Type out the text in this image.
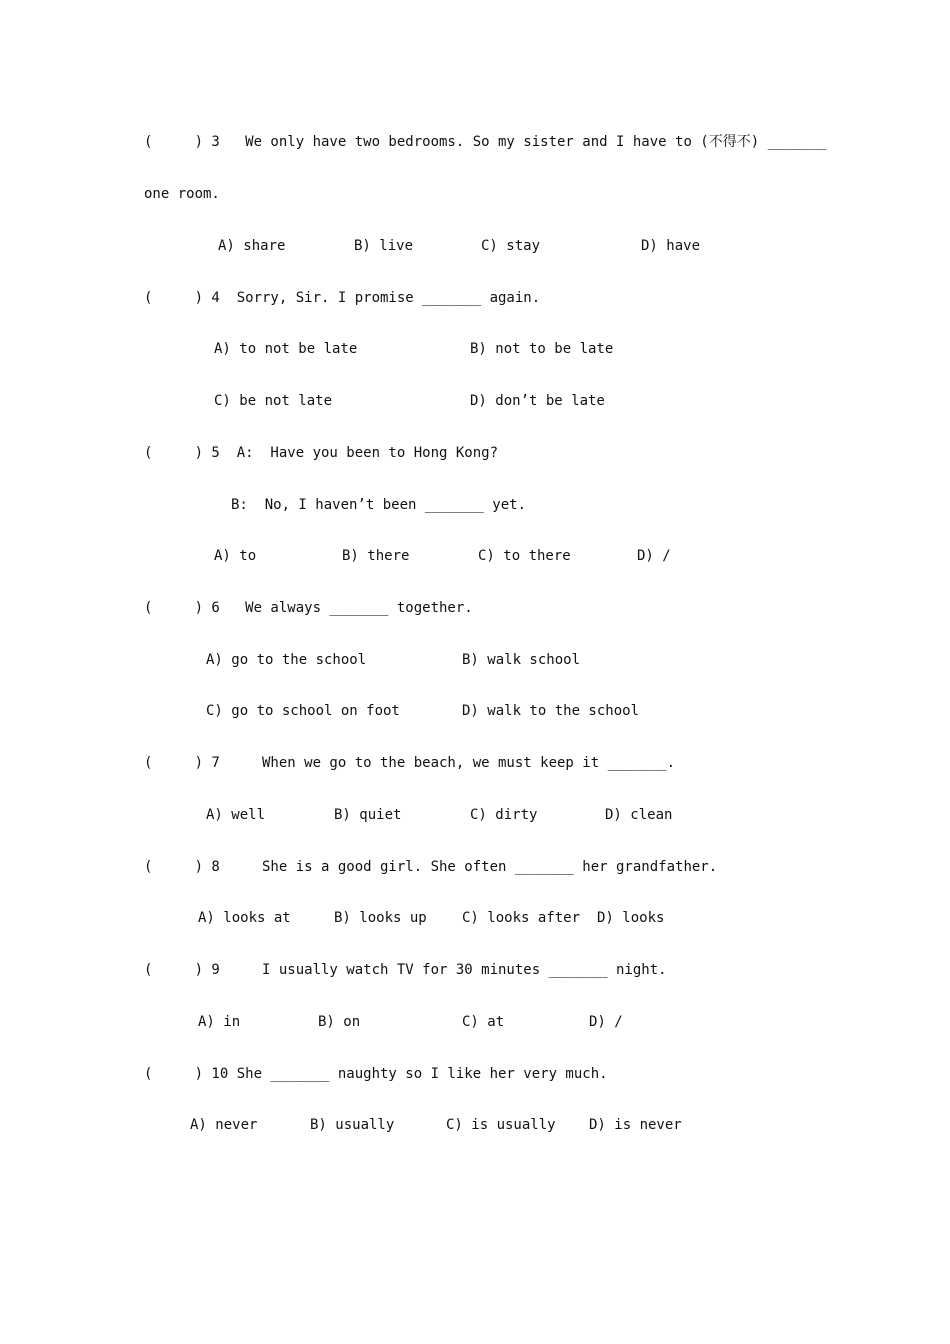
(     ) 3   We only have two bedrooms. So my sister and I have to (不得不) _______
one room.
A) share	B) live	C) stay	D) have
(     ) 4  Sorry, Sir. I promise _______ again.
A) to not be late	B) not to be late
C) be not late	D) don’t be late
(     ) 5  A:  Have you been to Hong Kong?
B:  No, I haven’t been _______ yet.
A) to	B) there	C) to there	D) /
(     ) 6   We always _______ together.
A) go to the school	B) walk school
C) go to school on foot	D) walk to the school
(     ) 7     When we go to the beach, we must keep it _______.
A) well	B) quiet	C) dirty	D) clean
(     ) 8     She is a good girl. She often _______ her grandfather.
A) looks at	B) looks up	C) looks after D) looks
(     ) 9     I usually watch TV for 30 minutes _______ night.
A) in	B) on	C) at	D) /
(     ) 10 She _______ naughty so I like her very much.
A) never	B) usually	C) is usually D) is never
